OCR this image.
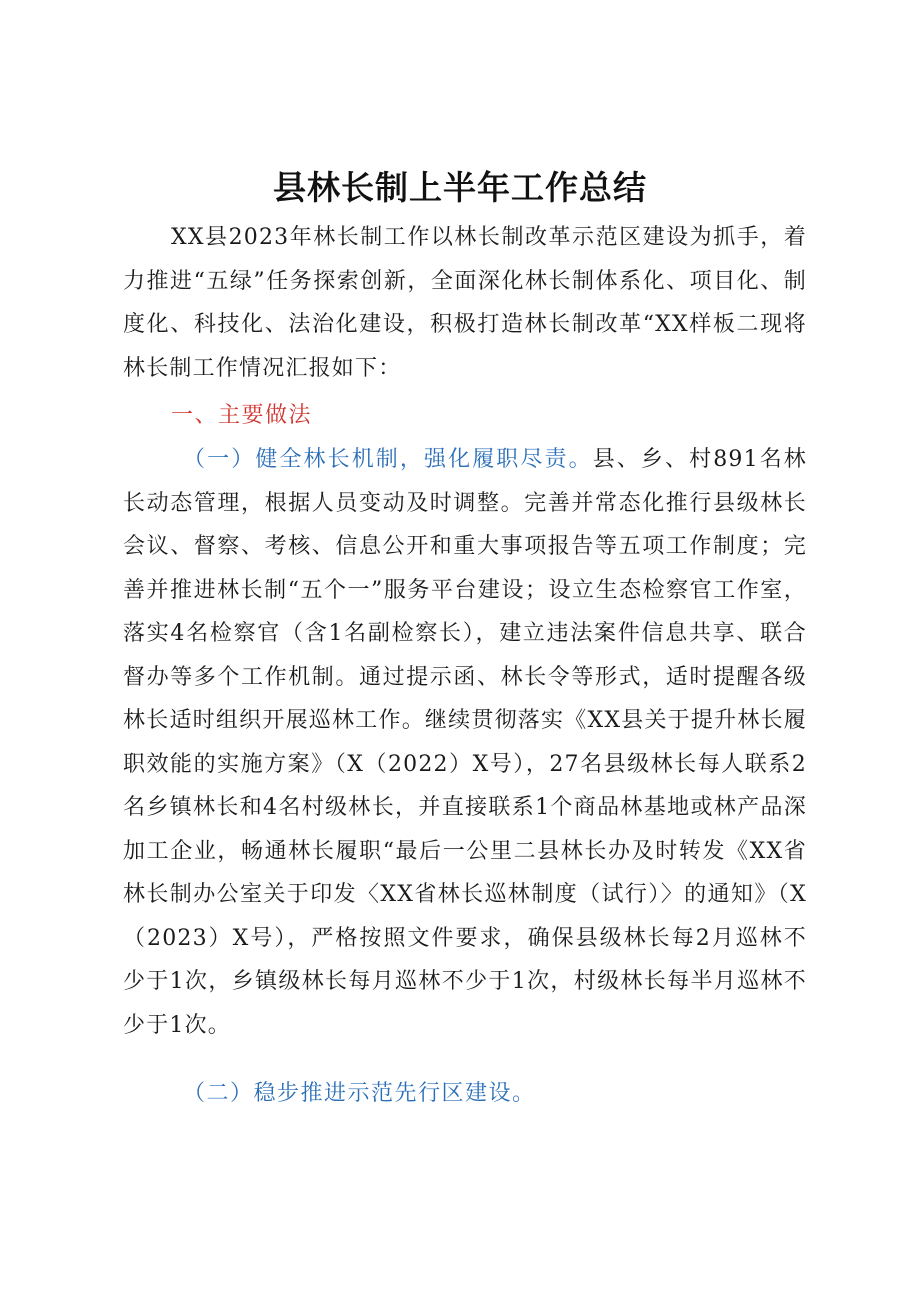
县林长制上半年工作总结

XX县2023年林长制工作以林长制改革示范区建设为抓手，着力推进“五绿”任务探索创新，全面深化林长制体系化、项目化、制度化、科技化、法治化建设，积极打造林长制改革“XX样板二现将林长制工作情况汇报如下：

一、主要做法

（一）健全林长机制，强化履职尽责。县、乡、村891名林长动态管理，根据人员变动及时调整。完善并常态化推行县级林长会议、督察、考核、信息公开和重大事项报告等五项工作制度；完善并推进林长制“五个一”服务平台建设；设立生态检察官工作室，落实4名检察官（含1名副检察长），建立违法案件信息共享、联合督办等多个工作机制。通过提示函、林长令等形式，适时提醒各级林长适时组织开展巡林工作。继续贯彻落实《XX县关于提升林长履职效能的实施方案》（X（2022）X号），27名县级林长每人联系2名乡镇林长和4名村级林长，并直接联系1个商品林基地或林产品深加工企业，畅通林长履职“最后一公里二县林长办及时转发《XX省林长制办公室关于印发〈XX省林长巡林制度（试行）〉的通知》（X（2023）X号），严格按照文件要求，确保县级林长每2月巡林不少于1次，乡镇级林长每月巡林不少于1次，村级林长每半月巡林不少于1次。

（二）稳步推进示范先行区建设。
